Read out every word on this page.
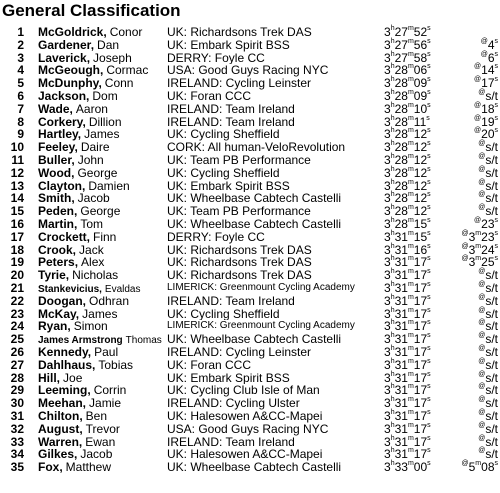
General Classification
1 McGoldrick, Conor	UK: Richardsons Trek DAS	3$^h$27$^m$52$^s$
2 Gardener, Dan	UK: Embark Spirit BSS	3$^h$27$^m$56$^s$	@4$^s$
3 Laverick, Joseph	DERRY: Foyle CC	3$^h$27$^m$58$^s$	@6$^s$
4 McGeough, Cormac	USA: Good Guys Racing NYC	3$^h$28$^m$06$^s$	@14$^s$
5 McDunphy, Conn	IRELAND: Cycling Leinster	3$^h$28$^m$09$^s$	@17$^s$
6 Jackson, Dom	UK: Foran CCC	3$^h$28$^m$09$^s$	@s/t
7 Wade, Aaron	IRELAND: Team Ireland	3$^h$28$^m$10$^s$	@18$^s$
8 Corkery, Dillion	IRELAND: Team Ireland	3$^h$28$^m$11$^s$	@19$^s$
9 Hartley, James	UK: Cycling Sheffield	3$^h$28$^m$12$^s$	@20$^s$
10 Feeley, Daire	CORK: All human-VeloRevolution	3$^h$28$^m$12$^s$	@s/t
11 Buller, John	UK: Team PB Performance	3$^h$28$^m$12$^s$	@s/t
12 Wood, George	UK: Cycling Sheffield	3$^h$28$^m$12$^s$	@s/t
13 Clayton, Damien	UK: Embark Spirit BSS	3$^h$28$^m$12$^s$	@s/t
14 Smith, Jacob	UK: Wheelbase Cabtech Castelli	3$^h$28$^m$12$^s$	@s/t
15 Peden, George	UK: Team PB Performance	3$^h$28$^m$12$^s$	@s/t
16 Martin, Tom	UK: Wheelbase Cabtech Castelli	3$^h$28$^m$15$^s$	@23$^s$
17 Crockett, Finn	DERRY: Foyle CC	3$^h$31$^m$15$^s$	@3$^m$23$^s$
18 Crook, Jack	UK: Richardsons Trek DAS	3$^h$31$^m$16$^s$	@3$^m$24$^s$
19 Peters, Alex	UK: Richardsons Trek DAS	3$^h$31$^m$17$^s$	@3$^m$25$^s$
20 Tyrie, Nicholas	UK: Richardsons Trek DAS	3$^h$31$^m$17$^s$	@s/t
21 Stankevicius, Evaldas	LIMERICK: Greenmount Cycling Academy	3$^h$31$^m$17$^s$	@s/t
22 Doogan, Odhran	IRELAND: Team Ireland	3$^h$31$^m$17$^s$	@s/t
23 McKay, James	UK: Cycling Sheffield	3$^h$31$^m$17$^s$	@s/t
24 Ryan, Simon	LIMERICK: Greenmount Cycling Academy	3$^h$31$^m$17$^s$	@s/t
25 James Armstrong Thomas UK: Wheelbase Cabtech Castelli	3$^h$31$^m$17$^s$	@s/t
26 Kennedy, Paul	IRELAND: Cycling Leinster	3$^h$31$^m$17$^s$	@s/t
27 Dahlhaus, Tobias	UK: Foran CCC	3$^h$31$^m$17$^s$	@s/t
28 Hill, Joe	UK: Embark Spirit BSS	3$^h$31$^m$17$^s$	@s/t
29 Leeming, Corrin	UK: Cycling Club Isle of Man	3$^h$31$^m$17$^s$	@s/t
30 Meehan, Jamie	IRELAND: Cycling Ulster	3$^h$31$^m$17$^s$	@s/t
31 Chilton, Ben	UK: Halesowen A&CC-Mapei	3$^h$31$^m$17$^s$	@s/t
32 August, Trevor	USA: Good Guys Racing NYC	3$^h$31$^m$17$^s$	@s/t
33 Warren, Ewan	IRELAND: Team Ireland	3$^h$31$^m$17$^s$	@s/t
34 Gilkes, Jacob	UK: Halesowen A&CC-Mapei	3$^h$31$^m$17$^s$	@s/t
35 Fox, Matthew	UK: Wheelbase Cabtech Castelli	3$^h$33$^m$00$^s$	@5$^m$08$^s$
